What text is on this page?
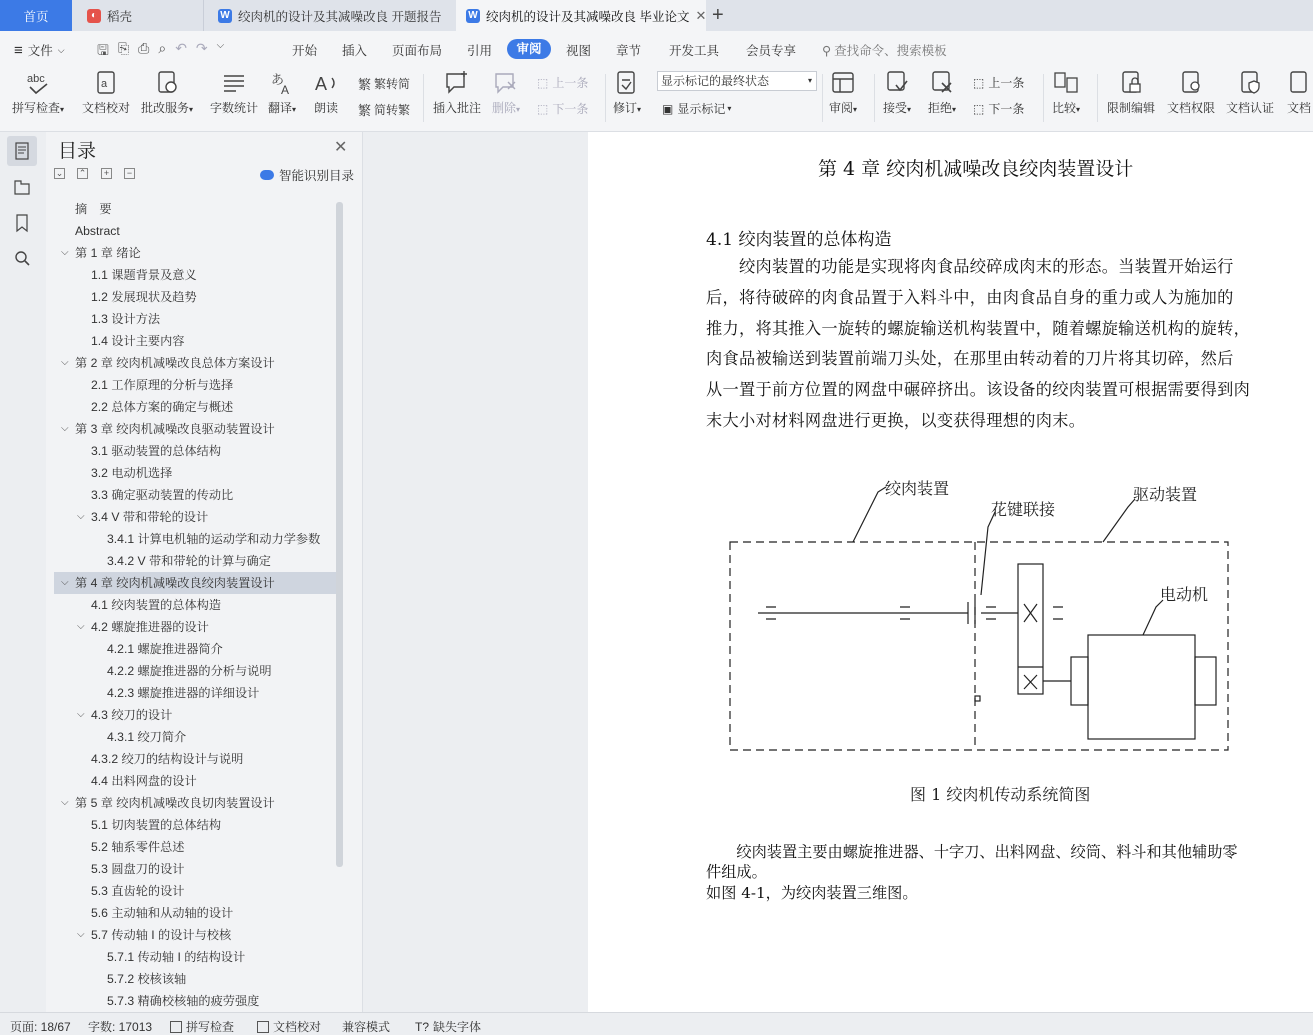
首页	◐ 稻壳	W 绞肉机的设计及其减噪改良 开题报告	W 绞肉机的设计及其减噪改良 毕业论文 ✕ +
≡ 文件 ⌵ 🖫 ⎘ ⎙ ⌕ ↶ ↷ ⌵	开始 插入 页面布局 引用	审阅	视图 章节 开发工具 会员专享 ⚲ 查找命令、搜索模板
abc
拼写检查▾
a
文档校对 批改服务▾ 字数统计
あ
A
翻译▾
A
朗读
繁 繁转简
繁 简转繁 插入批注 删除▾
⬚ 上一条
⬚ 下一条 修订▾
显示标记的最终状态	▾
▣ 显示标记 ▾	审阅▾ 接受▾ 拒绝▾
⬚ 上一条
⬚ 下一条 比较▾ 限制编辑 文档权限 文档认证 文档
目录	✕
⌄ ⌃	+	−	智能识别目录
摘　要
Abstract
⌵ 第 1 章 绪论
1.1 课题背景及意义
1.2 发展现状及趋势
1.3 设计方法
1.4 设计主要内容
⌵ 第 2 章 绞肉机减噪改良总体方案设计
2.1 工作原理的分析与选择
2.2 总体方案的确定与概述
⌵ 第 3 章 绞肉机减噪改良驱动装置设计
3.1 驱动装置的总体结构
3.2 电动机选择
3.3 确定驱动装置的传动比
⌵ 3.4 V 带和带轮的设计
3.4.1 计算电机轴的运动学和动力学参数
3.4.2 V 带和带轮的计算与确定
⌵ 第 4 章 绞肉机减噪改良绞肉装置设计
4.1 绞肉装置的总体构造
⌵ 4.2 螺旋推进器的设计
4.2.1 螺旋推进器简介
4.2.2 螺旋推进器的分析与说明
4.2.3 螺旋推进器的详细设计
⌵ 4.3 绞刀的设计
4.3.1 绞刀简介
4.3.2 绞刀的结构设计与说明
4.4 出料网盘的设计
⌵ 第 5 章 绞肉机减噪改良切肉装置设计
5.1 切肉装置的总体结构
5.2 轴系零件总述
5.3 圆盘刀的设计
5.3 直齿轮的设计
5.6 主动轴和从动轴的设计
⌵ 5.7 传动轴 I 的设计与校核
5.7.1 传动轴 I 的结构设计
5.7.2 校核该轴
5.7.3 精确校核轴的疲劳强度
第 4 章 绞肉机减噪改良绞肉装置设计
4.1 绞肉装置的总体构造
　　绞肉装置的功能是实现将肉食品绞碎成肉末的形态。当装置开始运行
后，将待破碎的肉食品置于入料斗中，由肉食品自身的重力或人为施加的
推力，将其推入一旋转的螺旋输送机构装置中，随着螺旋输送机构的旋转，
肉食品被输送到装置前端刀头处，在那里由转动着的刀片将其切碎，然后
从一置于前方位置的网盘中碾碎挤出。该设备的绞肉装置可根据需要得到肉
末大小对材料网盘进行更换，以变获得理想的肉末。
绞肉装置
花键联接
驱动装置
电动机
图 1 绞肉机传动系统简图
　　绞肉装置主要由螺旋推进器、十字刀、出料网盘、绞筒、料斗和其他辅助零
件组成。
如图 4-1，为绞肉装置三维图。
页面: 18/67 字数: 17013	拼写检查	文档校对 兼容模式 T? 缺失字体
